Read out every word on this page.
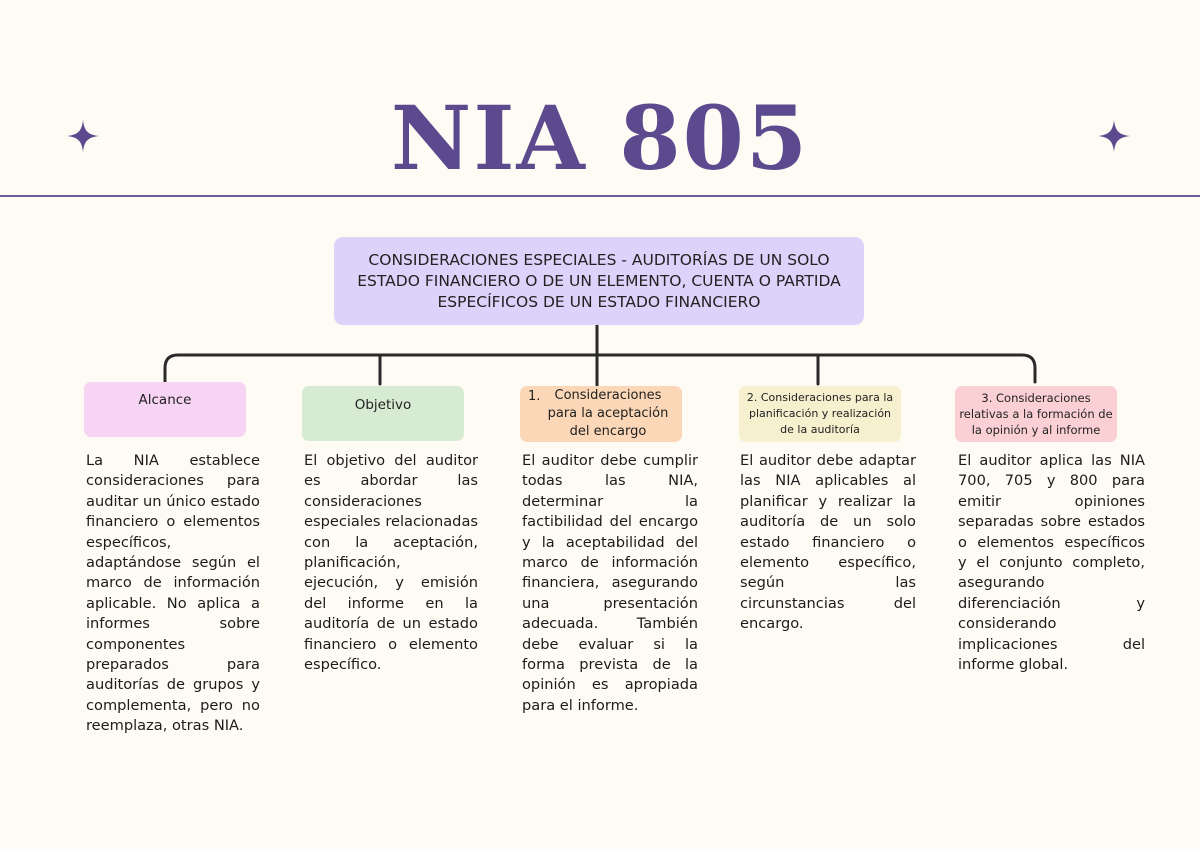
NIA 805
CONSIDERACIONES ESPECIALES - AUDITORÍAS DE UN SOLO ESTADO FINANCIERO O DE UN ELEMENTO, CUENTA O PARTIDA ESPECÍFICOS DE UN ESTADO FINANCIERO
Alcance	Objetivo
1.	Consideraciones para la aceptación del encargo
2. Consideraciones para la planificación y realización de la auditoría
3. Consideraciones relativas a la formación de la opinión y al informe
La NIA establece consideraciones para auditar un único estado financiero o elementos específicos, adaptándose según el marco de información aplicable. No aplica a informes sobre componentes preparados para auditorías de grupos y complementa, pero no reemplaza, otras NIA.
El objetivo del auditor es abordar las consideraciones especiales relacionadas con la aceptación, planificación, ejecución, y emisión del informe en la auditoría de un estado financiero o elemento específico.
El auditor debe cumplir todas las NIA, determinar la factibilidad del encargo y la aceptabilidad del marco de información financiera, asegurando una presentación adecuada. También debe evaluar si la forma prevista de la opinión es apropiada para el informe.
El auditor debe adaptar las NIA aplicables al planificar y realizar la auditoría de un solo estado financiero o elemento específico, según las circunstancias del encargo.
El auditor aplica las NIA 700, 705 y 800 para emitir opiniones separadas sobre estados o elementos específicos y el conjunto completo, asegurando diferenciación y considerando implicaciones del informe global.
